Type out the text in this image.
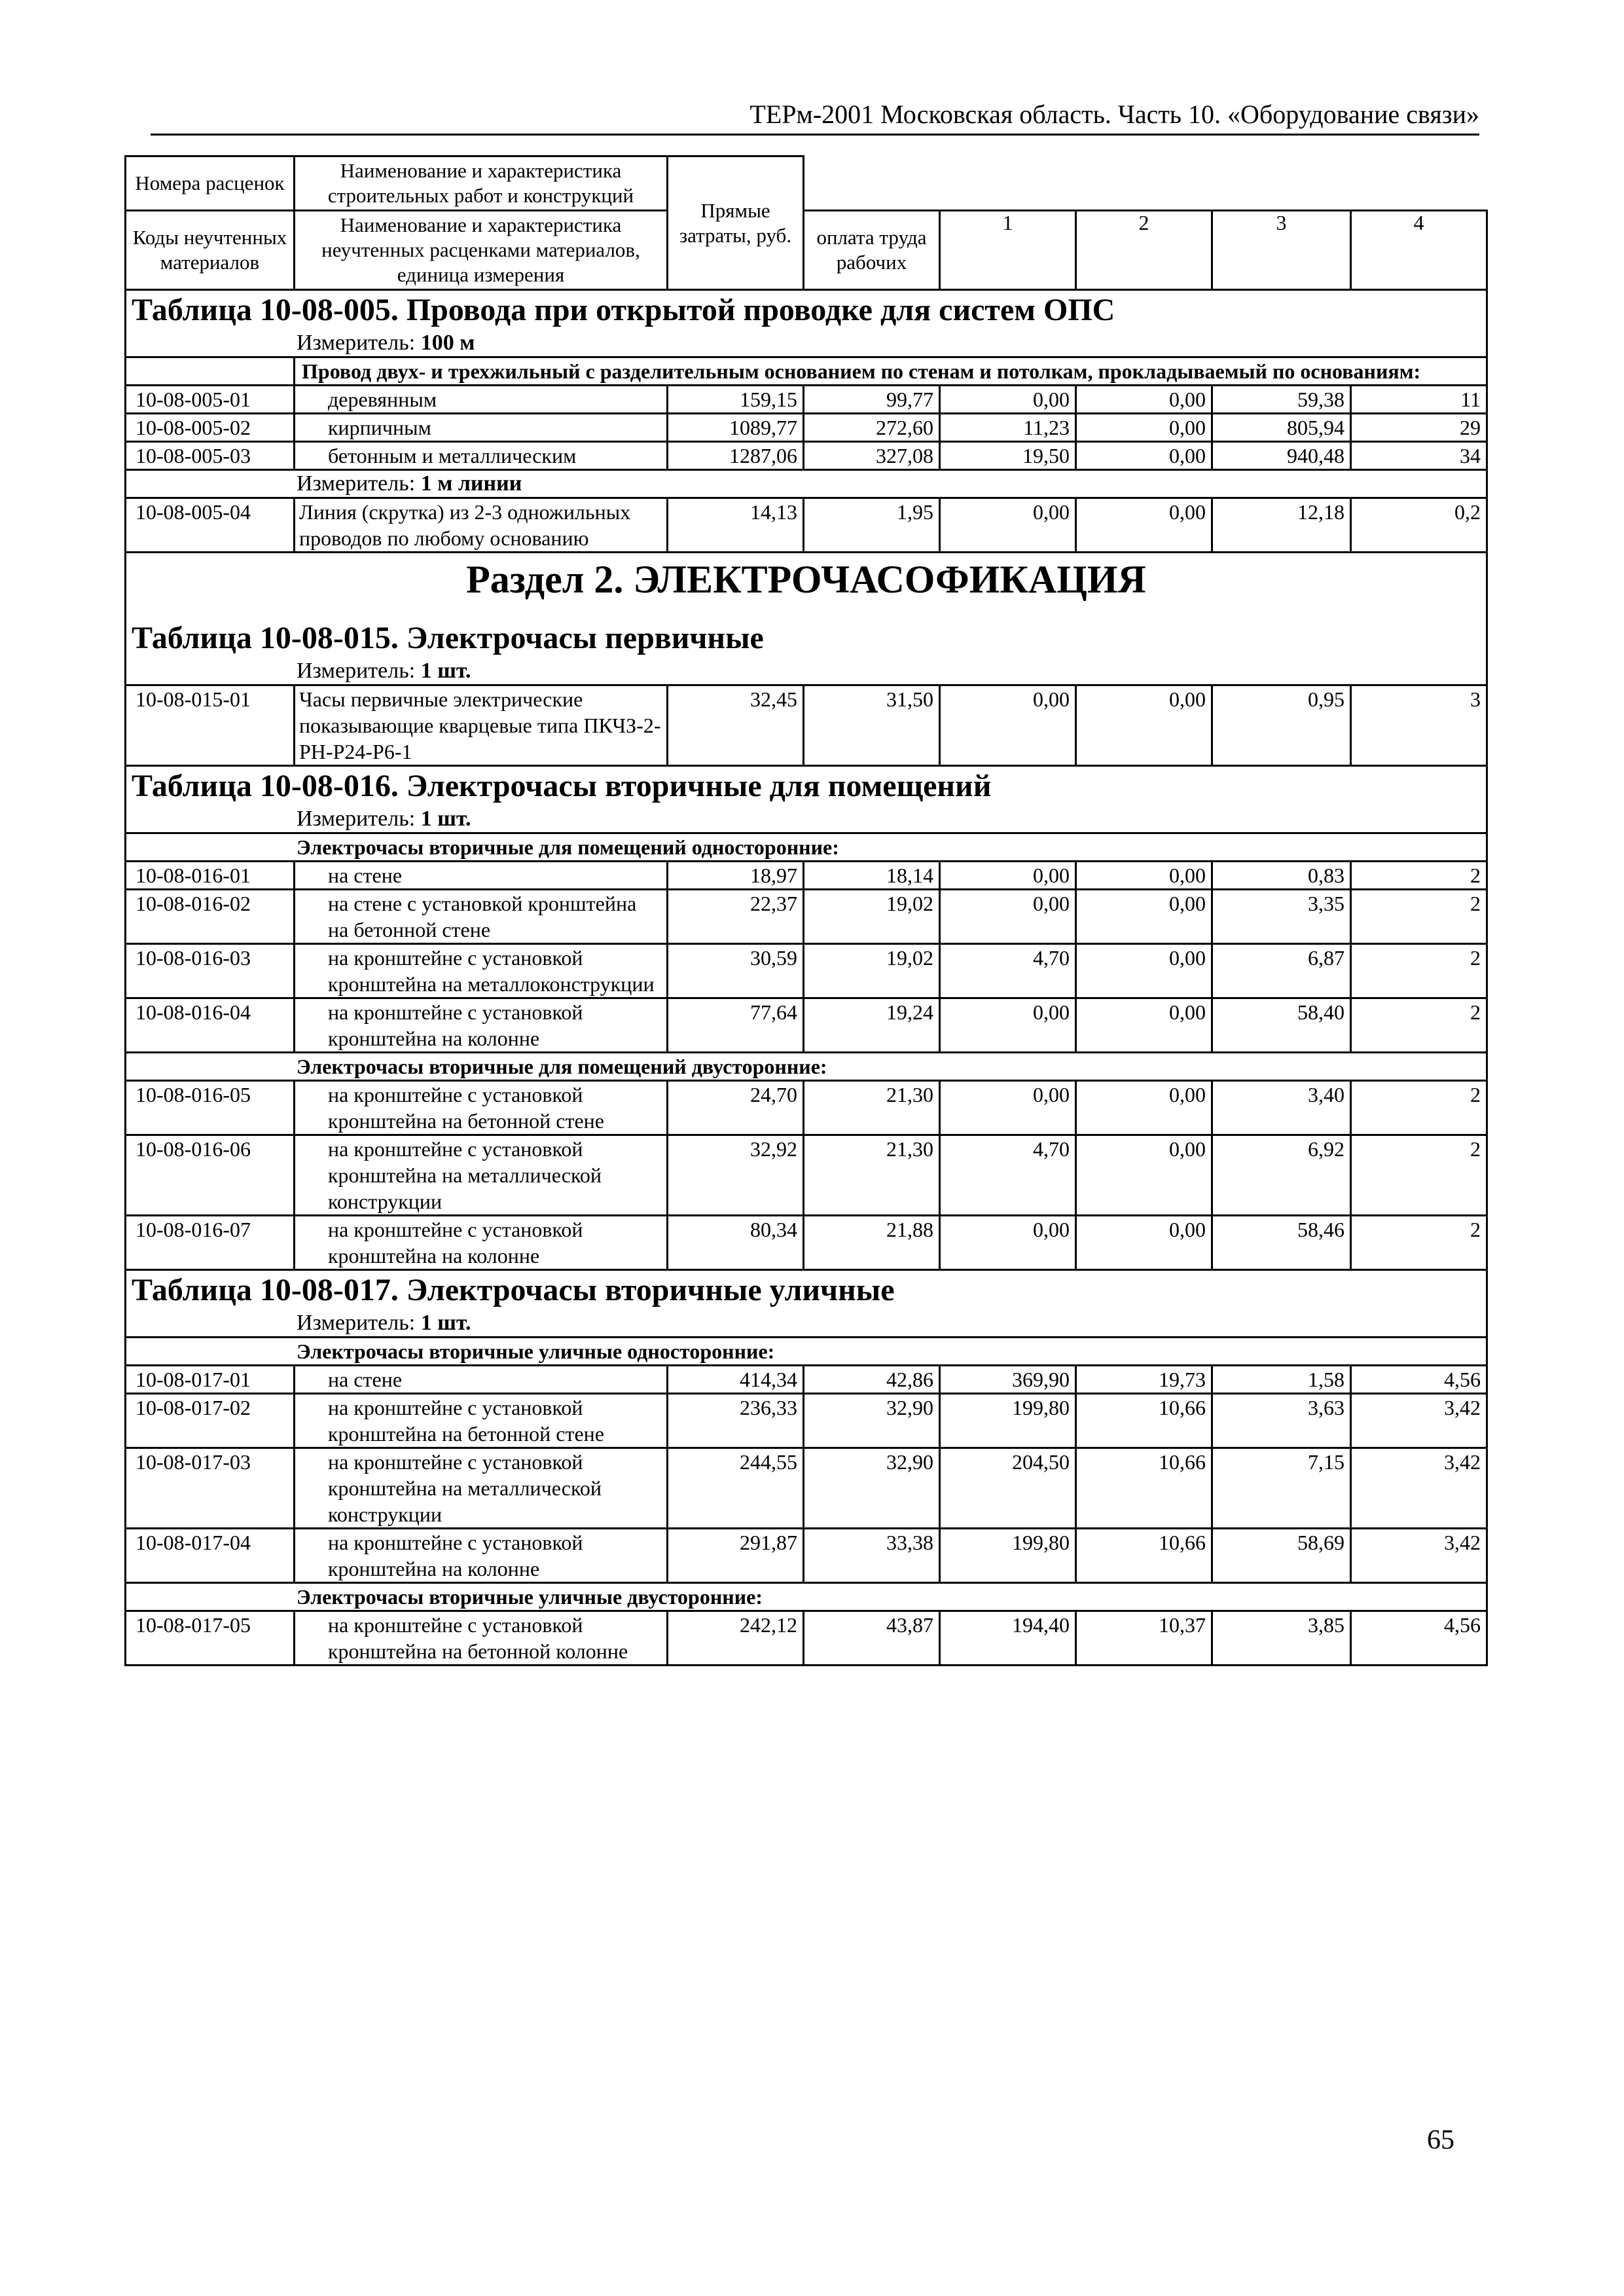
ТЕРм-2001 Московская область. Часть 10. «Оборудование связи»
Номера расценок	Наименование и характеристика строительных работ и конструкций	Прямые затраты, руб.						
Коды неучтенных материалов	Наименование и характеристика неучтенных расценками материалов, единица измерения		оплата труда рабочих					
				1	2	3	4				
Таблица 10-08-005. Провода при открытой проводке для систем ОПС								
Измеритель: 100 м								
	Провод двух- и трехжильный с разделительным основанием по стенам и потолкам, прокладываемый по основаниям:							
10-08-005-01	деревянным	159,15	99,77	0,00	0,00	59,38	11	
10-08-005-02	кирпичным	1089,77	272,60	11,23	0,00	805,94	29	
10-08-005-03	бетонным и металлическим	1287,06	327,08	19,50	0,00	940,48	34	
Измеритель: 1 м линии								
10-08-005-04	Линия (скрутка) из 2-3 одножильных проводов по любому основанию	14,13	1,95	0,00	0,00	12,18	0,2	
Раздел 2. ЭЛЕКТРОЧАСОФИКАЦИЯ								
Таблица 10-08-015. Электрочасы первичные								
Измеритель: 1 шт.								
10-08-015-01	Часы первичные электрические показывающие кварцевые типа ПКЧЗ-2-РН-Р24-Р6-1	32,45	31,50	0,00	0,00	0,95	3	
Таблица 10-08-016. Электрочасы вторичные для помещений								
Измеритель: 1 шт.								
Электрочасы вторичные для помещений односторонние:								
10-08-016-01	на стене	18,97	18,14	0,00	0,00	0,83	2	
10-08-016-02	на стене с установкой кронштейна на бетонной стене	22,37	19,02	0,00	0,00	3,35	2	
10-08-016-03	на кронштейне с установкой кронштейна на металлоконструкции	30,59	19,02	4,70	0,00	6,87	2	
10-08-016-04	на кронштейне с установкой кронштейна на колонне	77,64	19,24	0,00	0,00	58,40	2	
Электрочасы вторичные для помещений двусторонние:								
10-08-016-05	на кронштейне с установкой кронштейна на бетонной стене	24,70	21,30	0,00	0,00	3,40	2	
10-08-016-06	на кронштейне с установкой кронштейна на металлической конструкции	32,92	21,30	4,70	0,00	6,92	2	
10-08-016-07	на кронштейне с установкой кронштейна на колонне	80,34	21,88	0,00	0,00	58,46	2	
Таблица 10-08-017. Электрочасы вторичные уличные								
Измеритель: 1 шт.								
Электрочасы вторичные уличные односторонние:								
10-08-017-01	на стене	414,34	42,86	369,90	19,73	1,58	4,56	
10-08-017-02	на кронштейне с установкой кронштейна на бетонной стене	236,33	32,90	199,80	10,66	3,63	3,42	
10-08-017-03	на кронштейне с установкой кронштейна на металлической конструкции	244,55	32,90	204,50	10,66	7,15	3,42	
10-08-017-04	на кронштейне с установкой кронштейна на колонне	291,87	33,38	199,80	10,66	58,69	3,42	
Электрочасы вторичные уличные двусторонние:								
10-08-017-05	на кронштейне с установкой кронштейна на бетонной колонне	242,12	43,87	194,40	10,37	3,85	4,56	
65
